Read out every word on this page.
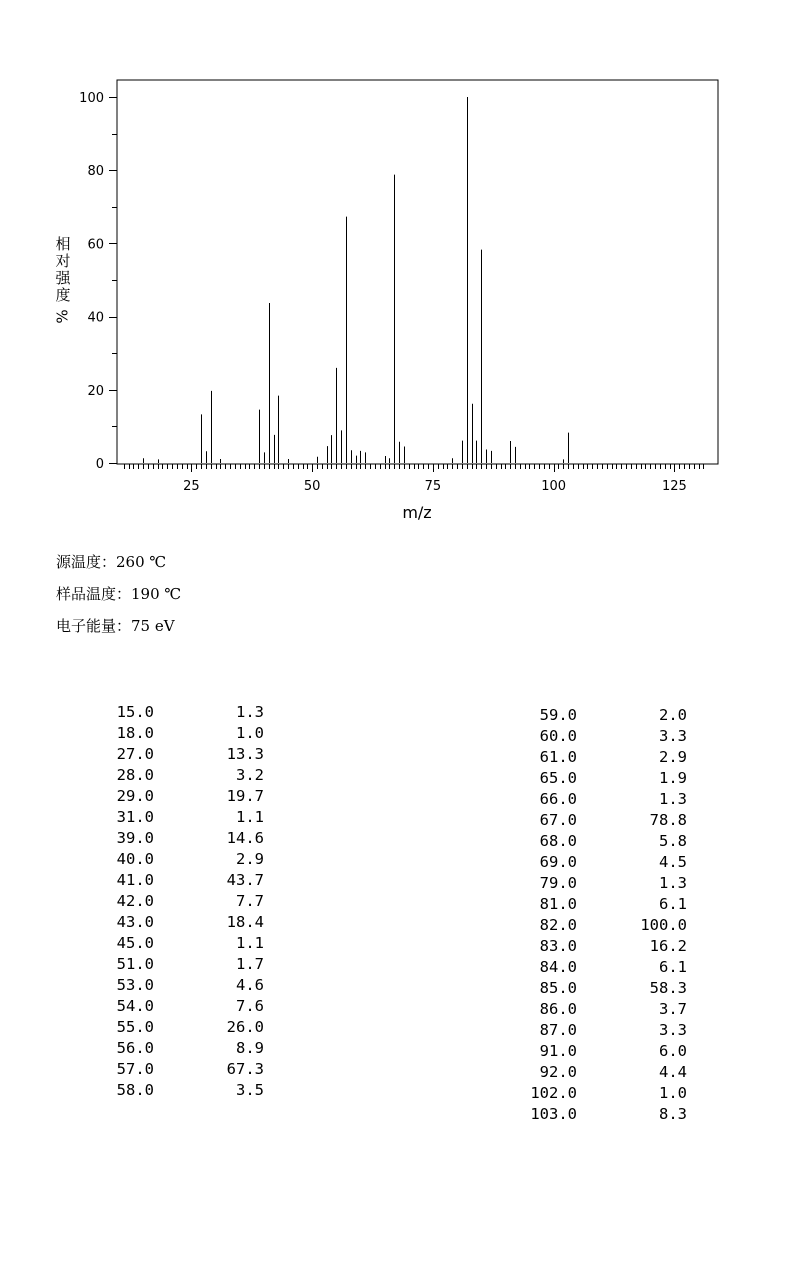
25	50	75	100	125
0
20
40
60
80
100
m/z
相
对
强
度
%
源温度：260 ℃
样品温度：190 ℃
电子能量：75 eV
15.0	1.3
18.0	1.0
27.0	13.3
28.0	3.2
29.0	19.7
31.0	1.1
39.0	14.6
40.0	2.9
41.0	43.7
42.0	7.7
43.0	18.4
45.0	1.1
51.0	1.7
53.0	4.6
54.0	7.6
55.0	26.0
56.0	8.9
57.0	67.3
58.0	3.5
59.0	2.0
60.0	3.3
61.0	2.9
65.0	1.9
66.0	1.3
67.0	78.8
68.0	5.8
69.0	4.5
79.0	1.3
81.0	6.1
82.0	100.0
83.0	16.2
84.0	6.1
85.0	58.3
86.0	3.7
87.0	3.3
91.0	6.0
92.0	4.4
102.0	1.0
103.0	8.3
